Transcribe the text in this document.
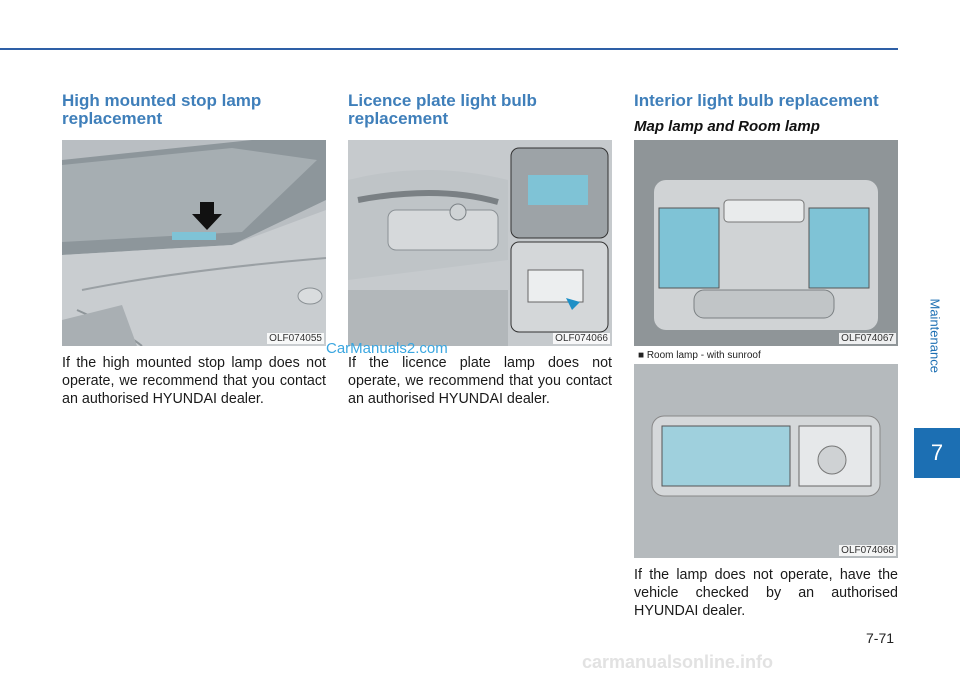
Maintenance
7
High mounted stop lamp replacement
OLF074055
If the high mounted stop lamp does not operate, we recommend that you contact an authorised HYUNDAI dealer.
Licence plate light bulb replacement
OLF074066
If the licence plate lamp does not operate, we recommend that you contact an authorised HYUNDAI dealer.
Interior light bulb replacement
Map lamp and Room lamp
OLF074067
■ Room lamp - with sunroof
OLF074068
If the lamp does not operate, have the vehicle checked by an authorised HYUNDAI dealer.
CarManuals2.com
7-71
carmanualsonline.info
